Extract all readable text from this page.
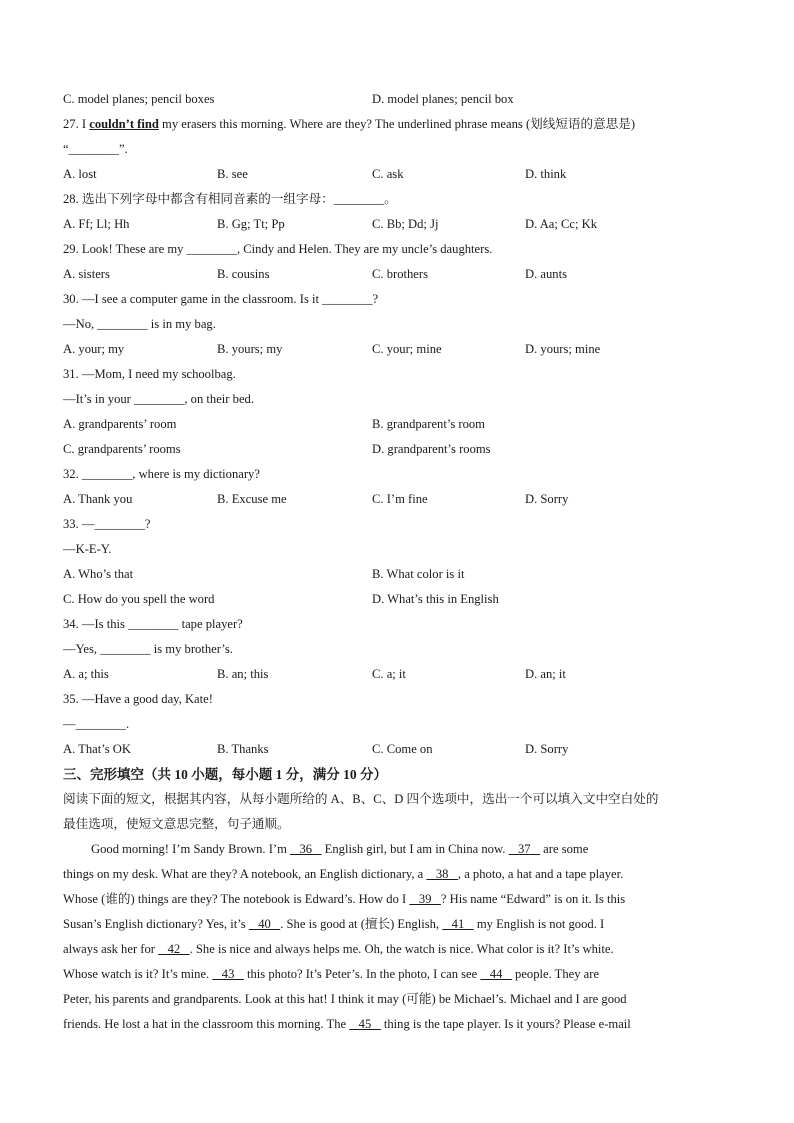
C. model planes; pencil boxes	D. model planes; pencil box
27. I couldn’t find my erasers this morning. Where are they? The underlined phrase means (划线短语的意思是)
“________”.
A. lost	B. see	C. ask	D. think
28. 选出下列字母中都含有相同音素的一组字母：________。
A. Ff; Ll; Hh	B. Gg; Tt; Pp	C. Bb; Dd; Jj	D. Aa; Cc; Kk
29. Look! These are my ________, Cindy and Helen. They are my uncle’s daughters.
A. sisters	B. cousins	C. brothers	D. aunts
30. —I see a computer game in the classroom. Is it ________?
—No, ________ is in my bag.
A. your; my	B. yours; my	C. your; mine	D. yours; mine
31. —Mom, I need my schoolbag.
—It’s in your ________, on their bed.
A. grandparents’ room	B. grandparent’s room
C. grandparents’ rooms	D. grandparent’s rooms
32. ________, where is my dictionary?
A. Thank you	B. Excuse me	C. I’m fine	D. Sorry
33. —________?
—K-E-Y.
A. Who’s that	B. What color is it
C. How do you spell the word	D. What’s this in English
34. —Is this ________ tape player?
—Yes, ________ is my brother’s.
A. a; this	B. an; this	C. a; it	D. an; it
35. —Have a good day, Kate!
—________.
A. That’s OK	B. Thanks	C. Come on	D. Sorry
三、完形填空（共 10 小题，每小题 1 分，满分 10 分）
阅读下面的短文，根据其内容，从每小题所给的 A、B、C、D 四个选项中，选出一个可以填入文中空白处的
最佳选项，使短文意思完整，句子通顺。
Good morning! I’m Sandy Brown. I’m    36    English girl, but I am in China now.    37    are some
things on my desk. What are they? A notebook, an English dictionary, a    38   , a photo, a hat and a tape player.
Whose (谁的) things are they? The notebook is Edward’s. How do I    39   ? His name “Edward” is on it. Is this
Susan’s English dictionary? Yes, it’s    40   . She is good at (擅长) English,    41    my English is not good. I
always ask her for    42   . She is nice and always helps me. Oh, the watch is nice. What color is it? It’s white.
Whose watch is it? It’s mine.    43    this photo? It’s Peter’s. In the photo, I can see    44    people. They are
Peter, his parents and grandparents. Look at this hat! I think it may (可能) be Michael’s. Michael and I are good
friends. He lost a hat in the classroom this morning. The    45    thing is the tape player. Is it yours? Please e-mail
